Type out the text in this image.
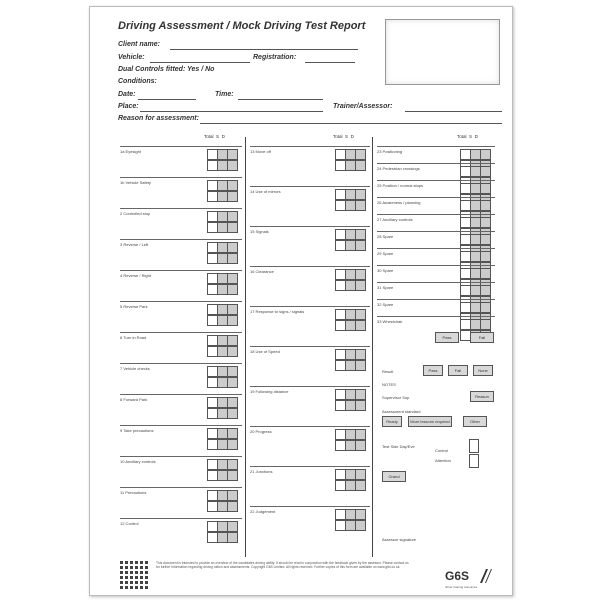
Driving Assessment / Mock Driving Test Report
Client name:
Vehicle:	Registration:
Dual Controls fitted: Yes / No
Conditions:
Date:	Time:
Place:	Trainer/Assessor:
Reason for assessment:
Total S D	Total S D	Total S D
1a Eyesight
1b Vehicle Safety
2 Controlled stop
3 Reverse / Left
4 Reverse / Right
5 Reverse Park
6 Turn in Road
7 Vehicle checks
8 Forward Park
9 Take precautions
10 Ancillary controls
11 Precautions
12 Control
13 Move off
14 Use of mirrors
15 Signals
16 Clearance
17 Response to signs / signals
18 Use of Speed
19 Following distance
20 Progress
21 Junctions
22 Judgement
23 Positioning
24 Pedestrian crossings
25 Position / normal stops
26 Awareness / planning
27 Ancillary controls
28 Spare
29 Spare
30 Spare
31 Spare
32 Spare
33 Wheelchair
Pass	Fail
Result	Pass	Fail	None
NOTES
Supervisor Sup	Reason
Assessment standard
Ready	More lessons required	Other
Test Side Day/Eve
Control
Attention
Grand
Assessor signature
This document is intended to provide an overview of the candidates driving ability. It should be read in conjunction with the feedback given by the assessor. Please contact us for further information regarding driving tuition and assessments. Copyright G6S Limited. All rights reserved. Further copies of this form are available on www.g6s.co.uk
G6S
driver training resources
